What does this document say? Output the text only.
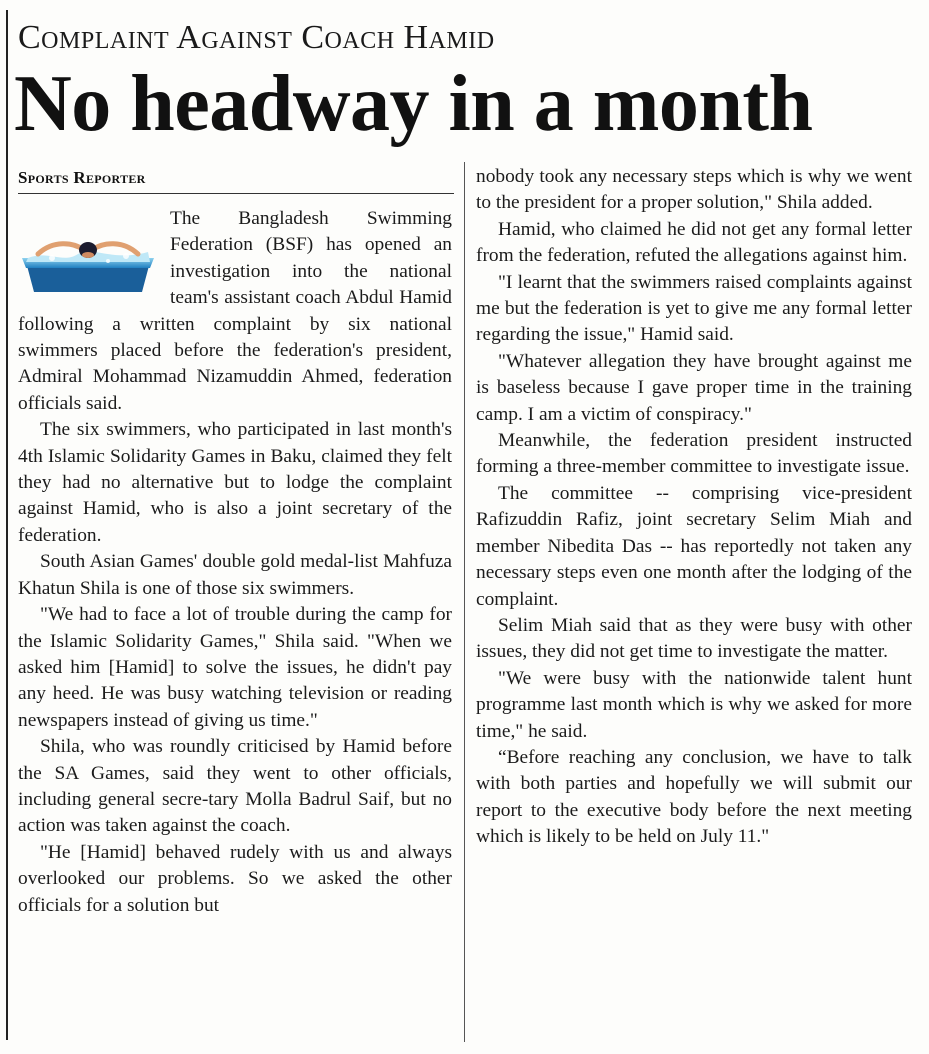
Complaint Against Coach Hamid
No headway in a month
Sports Reporter

The Bangladesh Swimming Federation (BSF) has opened an investigation into the national team's assistant coach Abdul Hamid following a written complaint by six national swimmers placed before the federation's president, Admiral Mohammad Nizamuddin Ahmed, federation officials said.

The six swimmers, who participated in last month's 4th Islamic Solidarity Games in Baku, claimed they felt they had no alternative but to lodge the complaint against Hamid, who is also a joint secretary of the federation.

South Asian Games' double gold medal-list Mahfuza Khatun Shila is one of those six swimmers.

"We had to face a lot of trouble during the camp for the Islamic Solidarity Games," Shila said. "When we asked him [Hamid] to solve the issues, he didn't pay any heed. He was busy watching television or reading newspapers instead of giving us time."

Shila, who was roundly criticised by Hamid before the SA Games, said they went to other officials, including general secre-tary Molla Badrul Saif, but no action was taken against the coach.

"He [Hamid] behaved rudely with us and always overlooked our problems. So we asked the other officials for a solution but

nobody took any necessary steps which is why we went to the president for a proper solution," Shila added.

Hamid, who claimed he did not get any formal letter from the federation, refuted the allegations against him.

"I learnt that the swimmers raised complaints against me but the federation is yet to give me any formal letter regarding the issue," Hamid said.

"Whatever allegation they have brought against me is baseless because I gave proper time in the training camp. I am a victim of conspiracy."

Meanwhile, the federation president instructed forming a three-member committee to investigate issue.

The committee -- comprising vice-president Rafizuddin Rafiz, joint secretary Selim Miah and member Nibedita Das -- has reportedly not taken any necessary steps even one month after the lodging of the complaint.

Selim Miah said that as they were busy with other issues, they did not get time to investigate the matter.

"We were busy with the nationwide talent hunt programme last month which is why we asked for more time," he said.

“Before reaching any conclusion, we have to talk with both parties and hopefully we will submit our report to the executive body before the next meeting which is likely to be held on July 11."
